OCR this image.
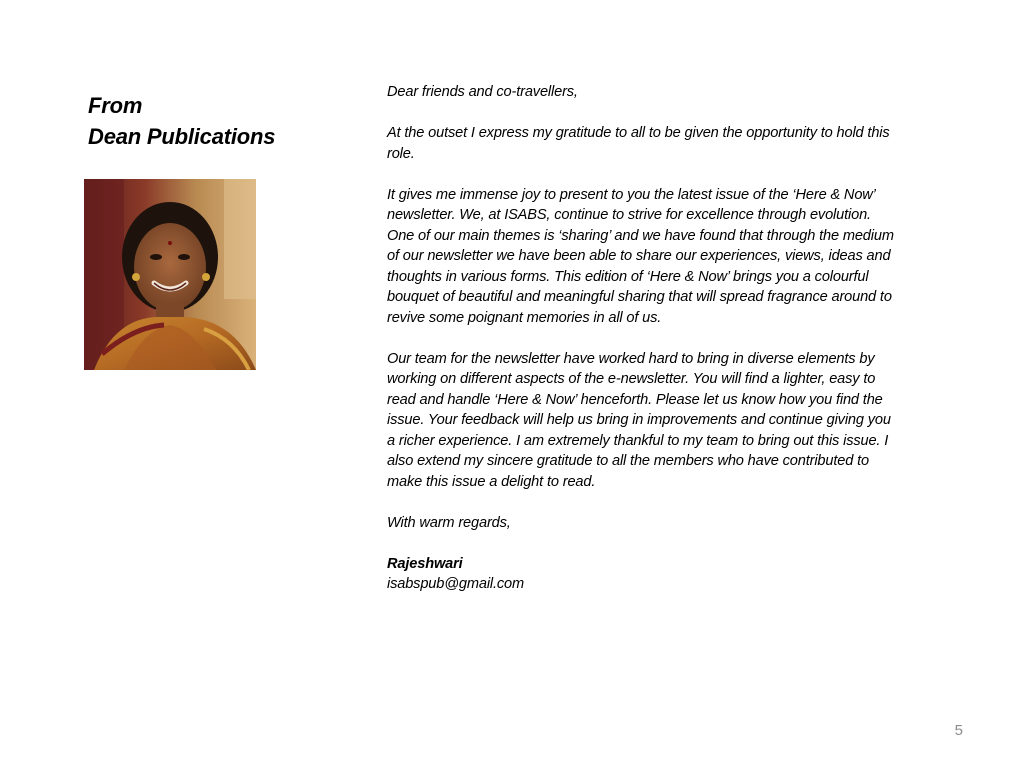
From
Dean Publications

Dear friends and co-travellers,

At the outset I express my gratitude to all to be given the opportunity to hold this role.

It gives me immense joy to present to you the latest issue of the ‘Here & Now’ newsletter. We, at ISABS, continue to strive for excellence through evolution. One of our main themes is ‘sharing’ and we have found that through the medium of our newsletter we have been able to share our experiences, views, ideas and thoughts in various forms. This edition of ‘Here & Now’ brings you a colourful bouquet of beautiful and meaningful sharing that will spread fragrance around to revive some poignant memories in all of us.

Our team for the newsletter have worked hard to bring in diverse elements by working on different aspects of the e-newsletter. You will find a lighter, easy to read and handle ‘Here & Now’ henceforth. Please let us know how you find the issue. Your feedback will help us bring in improvements and continue giving you a richer experience. I am extremely thankful to my team to bring out this issue. I also extend my sincere gratitude to all the members who have contributed to make this issue a delight to read.

With warm regards,

Rajeshwari

isabspub@gmail.com

5
